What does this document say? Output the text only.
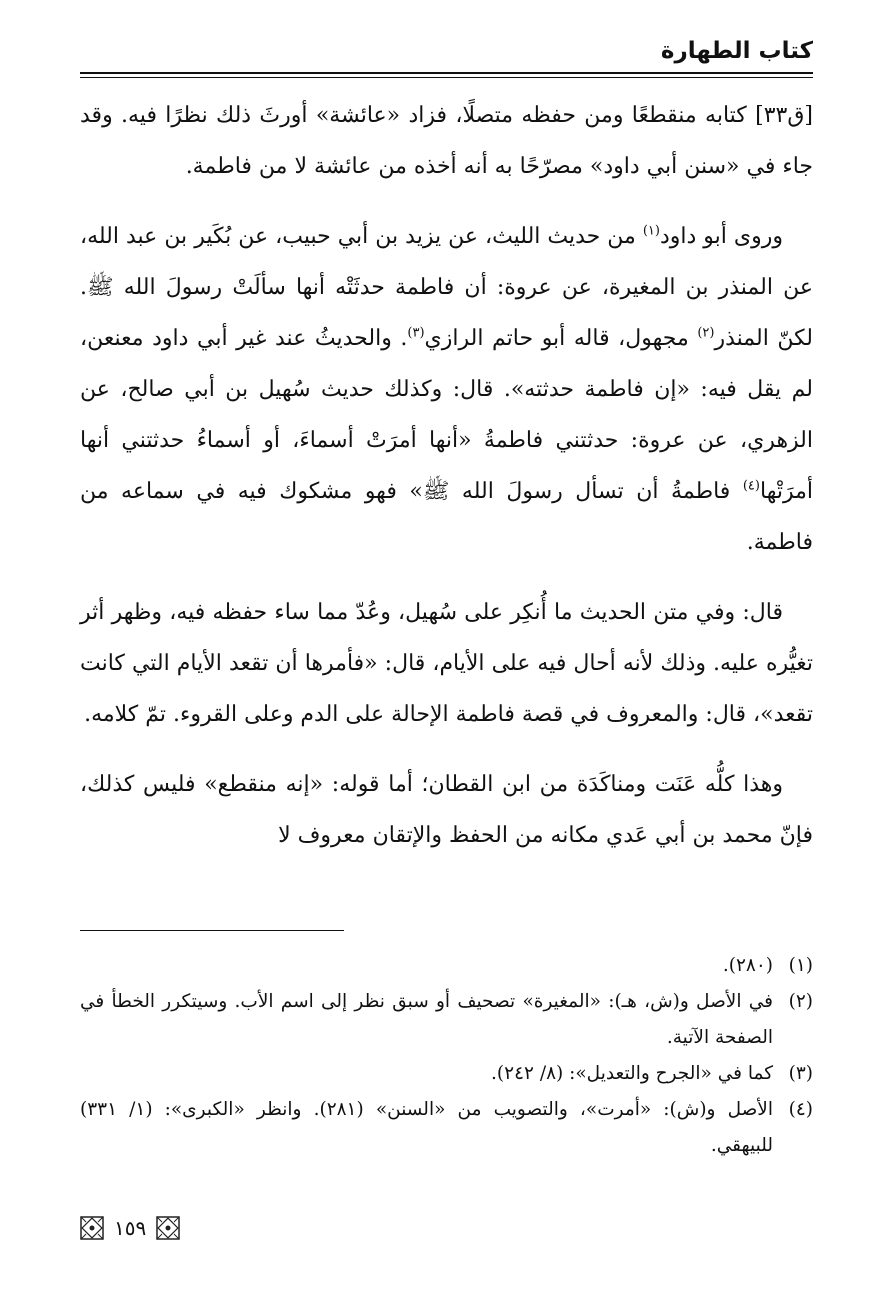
كتاب الطهارة

[ق٣٣] كتابه منقطعًا ومن حفظه متصلًا، فزاد «عائشة» أورثَ ذلك نظرًا فيه. وقد جاء في «سنن أبي داود» مصرّحًا به أنه أخذه من عائشة لا من فاطمة.

وروى أبو داود$^{(١)}$ من حديث الليث، عن يزيد بن أبي حبيب، عن بُكَير بن عبد الله، عن المنذر بن المغيرة، عن عروة: أن فاطمة حدثَتْه أنها سألَتْ رسولَ الله ﷺ. لكنّ المنذر$^{(٢)}$ مجهول، قاله أبو حاتم الرازي$^{(٣)}$. والحديثُ عند غير أبي داود معنعن، لم يقل فيه: «إن فاطمة حدثته». قال: وكذلك حديث سُهيل بن أبي صالح، عن الزهري، عن عروة: حدثتني فاطمةُ «أنها أمرَتْ أسماءَ، أو أسماءُ حدثتني أنها أمرَتْها$^{(٤)}$ فاطمةُ أن تسأل رسولَ الله ﷺ» فهو مشكوك فيه في سماعه من فاطمة.

قال: وفي متن الحديث ما أُنكِر على سُهيل، وعُدّ مما ساء حفظه فيه، وظهر أثر تغيُّره عليه. وذلك لأنه أحال فيه على الأيام، قال: «فأمرها أن تقعد الأيام التي كانت تقعد»، قال: والمعروف في قصة فاطمة الإحالة على الدم وعلى القروء. تمّ كلامه.

وهذا كلُّه عَنَت ومناكَدَة من ابن القطان؛ أما قوله: «إنه منقطع» فليس كذلك، فإنّ محمد بن أبي عَدي مكانه من الحفظ والإتقان معروف لا

(١)
(٢٨٠).
(٢)
في الأصل و(ش، هـ): «المغيرة» تصحيف أو سبق نظر إلى اسم الأب. وسيتكرر الخطأ في الصفحة الآتية.
(٣)
كما في «الجرح والتعديل»: (٨/ ٢٤٢).
(٤)
الأصل و(ش): «أمرت»، والتصويب من «السنن» (٢٨١). وانظر «الكبرى»: (١/ ٣٣١) للبيهقي.
١٥٩
